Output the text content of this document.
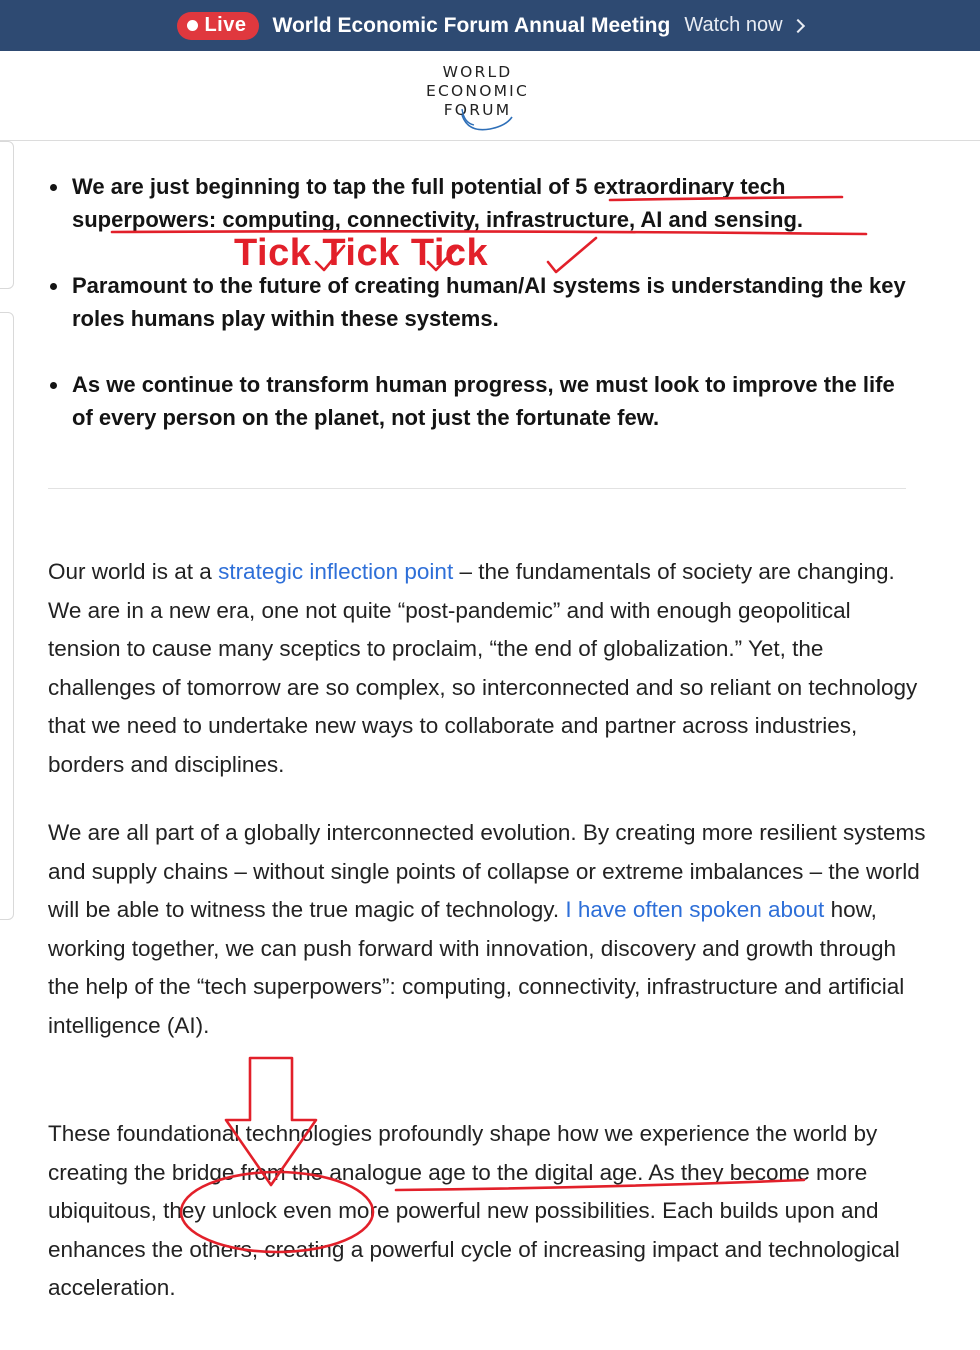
Live World Economic Forum Annual Meeting Watch now
WORLD
ECONOMIC
FORUM
We are just beginning to tap the full potential of 5 extraordinary tech superpowers: computing, connectivity, infrastructure, AI and sensing.
Paramount to the future of creating human/AI systems is understanding the key roles humans play within these systems.
As we continue to transform human progress, we must look to improve the life of every person on the planet, not just the fortunate few.

Our world is at a strategic inflection point – the fundamentals of society are changing. We are in a new era, one not quite “post-pandemic” and with enough geopolitical tension to cause many sceptics to proclaim, “the end of globalization.” Yet, the challenges of tomorrow are so complex, so interconnected and so reliant on technology that we need to undertake new ways to collaborate and partner across industries, borders and disciplines.

We are all part of a globally interconnected evolution. By creating more resilient systems and supply chains – without single points of collapse or extreme imbalances – the world will be able to witness the true magic of technology. I have often spoken about how, working together, we can push forward with innovation, discovery and growth through the help of the “tech superpowers”: computing, connectivity, infrastructure and artificial intelligence (AI).

These foundational technologies profoundly shape how we experience the world by creating the bridge from the analogue age to the digital age. As they become more ubiquitous, they unlock even more powerful new possibilities. Each builds upon and enhances the others, creating a powerful cycle of increasing impact and technological acceleration.

Tick Tick Tick
